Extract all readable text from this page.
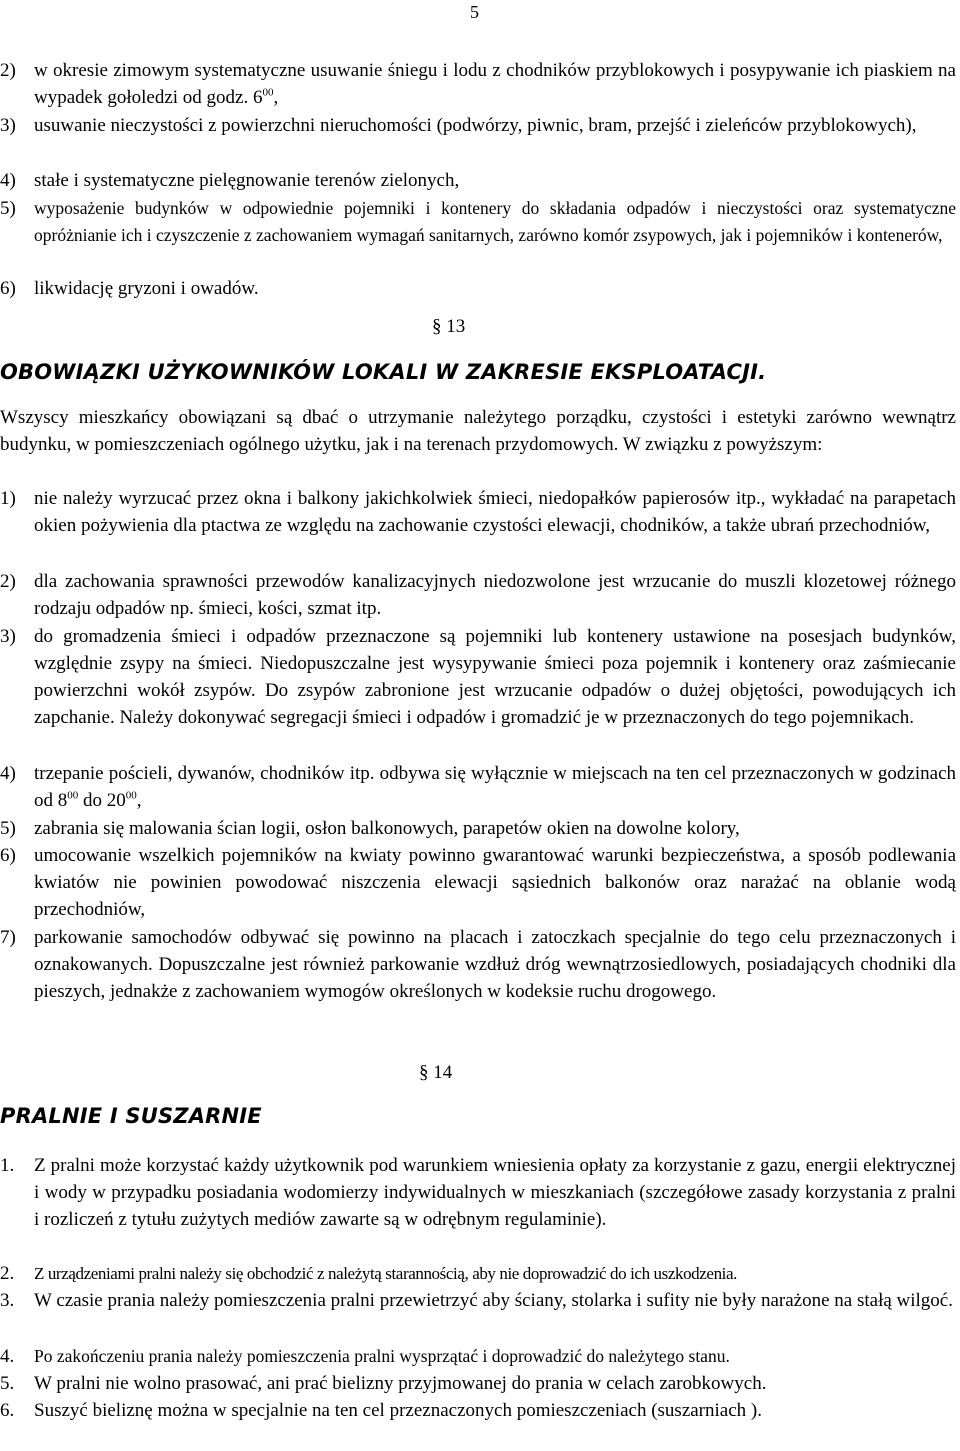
5
2) w okresie zimowym systematyczne usuwanie śniegu i lodu z chodników przyblokowych i posypywanie ich piaskiem na wypadek gołoledzi od godz. $6^{00}$,
3) usuwanie nieczystości z powierzchni nieruchomości (podwórzy, piwnic, bram, przejść i zieleńców przyblokowych),
4) stałe i systematyczne pielęgnowanie terenów zielonych,
5) wyposażenie budynków w odpowiednie pojemniki i kontenery do składania odpadów i nieczystości oraz systematyczne opróżnianie ich i czyszczenie z zachowaniem wymagań sanitarnych, zarówno komór zsypowych, jak i pojemników i kontenerów,
6) likwidację gryzoni i owadów.
§ 13
OBOWIĄZKI UŻYKOWNIKÓW LOKALI W ZAKRESIE EKSPLOATACJI.
Wszyscy mieszkańcy obowiązani są dbać o utrzymanie należytego porządku, czystości i estetyki zarówno wewnątrz budynku, w pomieszczeniach ogólnego użytku, jak i na terenach przydomowych. W związku z powyższym:
1) nie należy wyrzucać przez okna i balkony jakichkolwiek śmieci, niedopałków papierosów itp., wykładać na parapetach okien pożywienia dla ptactwa ze względu na zachowanie czystości elewacji, chodników, a także ubrań przechodniów,
2) dla zachowania sprawności przewodów kanalizacyjnych niedozwolone jest wrzucanie do muszli klozetowej różnego rodzaju odpadów np. śmieci, kości, szmat itp.
3) do gromadzenia śmieci i odpadów przeznaczone są pojemniki lub kontenery ustawione na posesjach budynków, względnie zsypy na śmieci. Niedopuszczalne jest wysypywanie śmieci poza pojemnik i kontenery oraz zaśmiecanie powierzchni wokół zsypów. Do zsypów zabronione jest wrzucanie odpadów o dużej objętości, powodujących ich zapchanie. Należy dokonywać segregacji śmieci i odpadów i gromadzić je w przeznaczonych do tego pojemnikach.
4) trzepanie pościeli, dywanów, chodników itp. odbywa się wyłącznie w miejscach na ten cel przeznaczonych w godzinach od $8^{00}$ do $20^{00}$,
5) zabrania się malowania ścian logii, osłon balkonowych, parapetów okien na dowolne kolory,
6) umocowanie wszelkich pojemników na kwiaty powinno gwarantować warunki bezpieczeństwa, a sposób podlewania kwiatów nie powinien powodować niszczenia elewacji sąsiednich balkonów oraz narażać na oblanie wodą przechodniów,
7) parkowanie samochodów odbywać się powinno na placach i zatoczkach specjalnie do tego celu przeznaczonych i oznakowanych. Dopuszczalne jest również parkowanie wzdłuż dróg wewnątrzosiedlowych, posiadających chodniki dla pieszych, jednakże z zachowaniem wymogów określonych w kodeksie ruchu drogowego.
§ 14
PRALNIE I SUSZARNIE
1. Z pralni może korzystać każdy użytkownik pod warunkiem wniesienia opłaty za korzystanie z gazu, energii elektrycznej i wody w przypadku posiadania wodomierzy indywidualnych w mieszkaniach (szczegółowe zasady korzystania z pralni i rozliczeń z tytułu zużytych mediów zawarte są w odrębnym regulaminie).
2. Z urządzeniami pralni należy się obchodzić z należytą starannością, aby nie doprowadzić do ich uszkodzenia.
3. W czasie prania należy pomieszczenia pralni przewietrzyć aby ściany, stolarka i sufity nie były narażone na stałą wilgoć.
4. Po zakończeniu prania należy pomieszczenia pralni wysprzątać i doprowadzić do należytego stanu.
5. W pralni nie wolno prasować, ani prać bielizny przyjmowanej do prania w celach zarobkowych.
6. Suszyć bieliznę można w specjalnie na ten cel przeznaczonych pomieszczeniach (suszarniach ).
